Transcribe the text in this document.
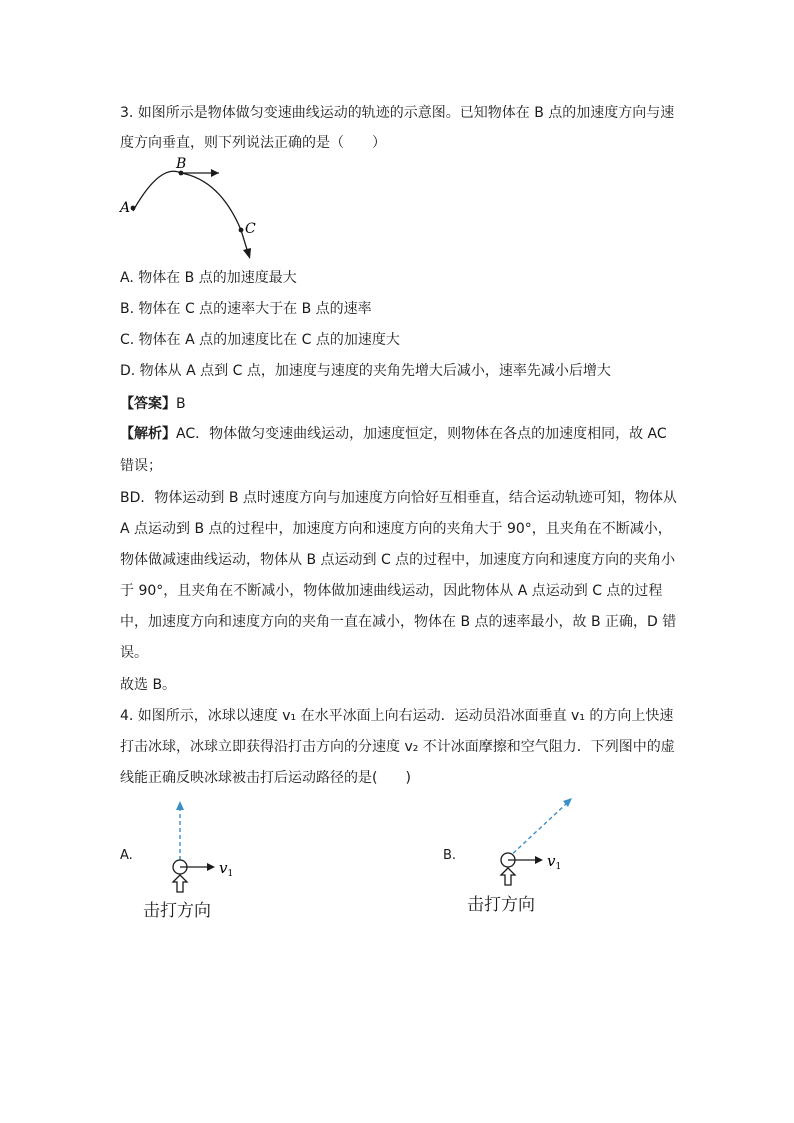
3. 如图所示是物体做匀变速曲线运动的轨迹的示意图。已知物体在 B 点的加速度方向与速
度方向垂直，则下列说法正确的是（　　）
A
B
C
A. 物体在 B 点的加速度最大
B. 物体在 C 点的速率大于在 B 点的速率
C. 物体在 A 点的加速度比在 C 点的加速度大
D. 物体从 A 点到 C 点，加速度与速度的夹角先增大后减小，速率先减小后增大
【答案】B
【解析】AC．物体做匀变速曲线运动，加速度恒定，则物体在各点的加速度相同，故 AC
错误；
BD．物体运动到 B 点时速度方向与加速度方向恰好互相垂直，结合运动轨迹可知，物体从
A 点运动到 B 点的过程中，加速度方向和速度方向的夹角大于 90°，且夹角在不断减小，
物体做减速曲线运动，物体从 B 点运动到 C 点的过程中，加速度方向和速度方向的夹角小
于 90°，且夹角在不断减小，物体做加速曲线运动，因此物体从 A 点运动到 C 点的过程
中，加速度方向和速度方向的夹角一直在减小，物体在 B 点的速率最小，故 B 正确，D 错
误。
故选 B。
4. 如图所示，冰球以速度 v₁ 在水平冰面上向右运动．运动员沿冰面垂直 v₁ 的方向上快速
打击冰球，冰球立即获得沿打击方向的分速度 v₂ 不计冰面摩擦和空气阻力．下列图中的虚
线能正确反映冰球被击打后运动路径的是(　　)
A.
$v_1$
击打方向
B.	$v_1$
击打方向
